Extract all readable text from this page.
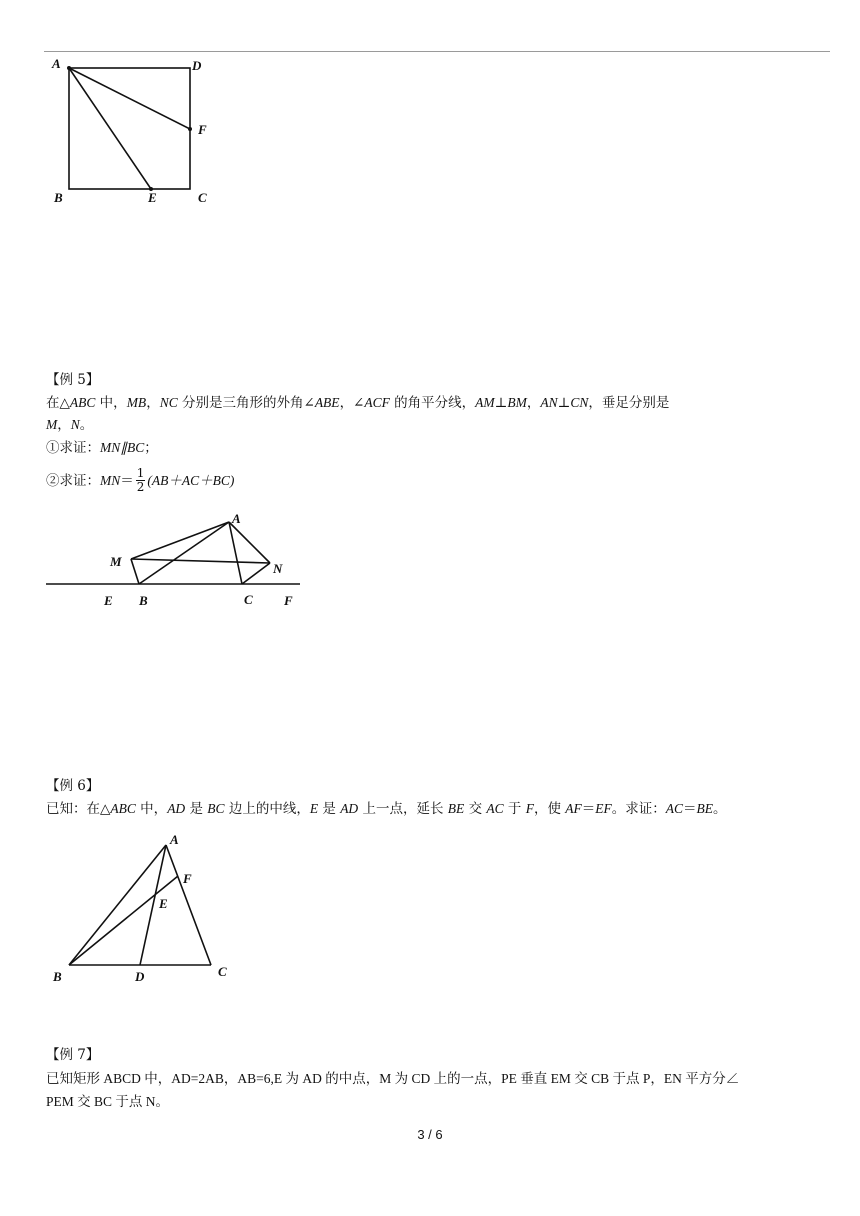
A	D
F
B	E	C
【例 5】
在△ABC 中，MB，NC 分别是三角形的外角∠ABE，∠ACF 的角平分线，AM⊥BM，AN⊥CN，垂足分别是
M，N。
①求证：MN∥BC；
②求证：$MN= \frac{1}{2} (AB+AC+BC)$
A
M	N
E B	C F
【例 6】
已知：在△ABC 中，AD 是 BC 边上的中线，E 是 AD 上一点，延长 BE 交 AC 于 F，使 AF＝EF。求证：AC＝BE。
A
F
E
B	D	C
【例 7】
已知矩形 ABCD 中，AD=2AB，AB=6,E 为 AD 的中点，M 为 CD 上的一点，PE 垂直 EM 交 CB 于点 P，EN 平方分∠
PEM 交 BC 于点 N。
3 / 6
